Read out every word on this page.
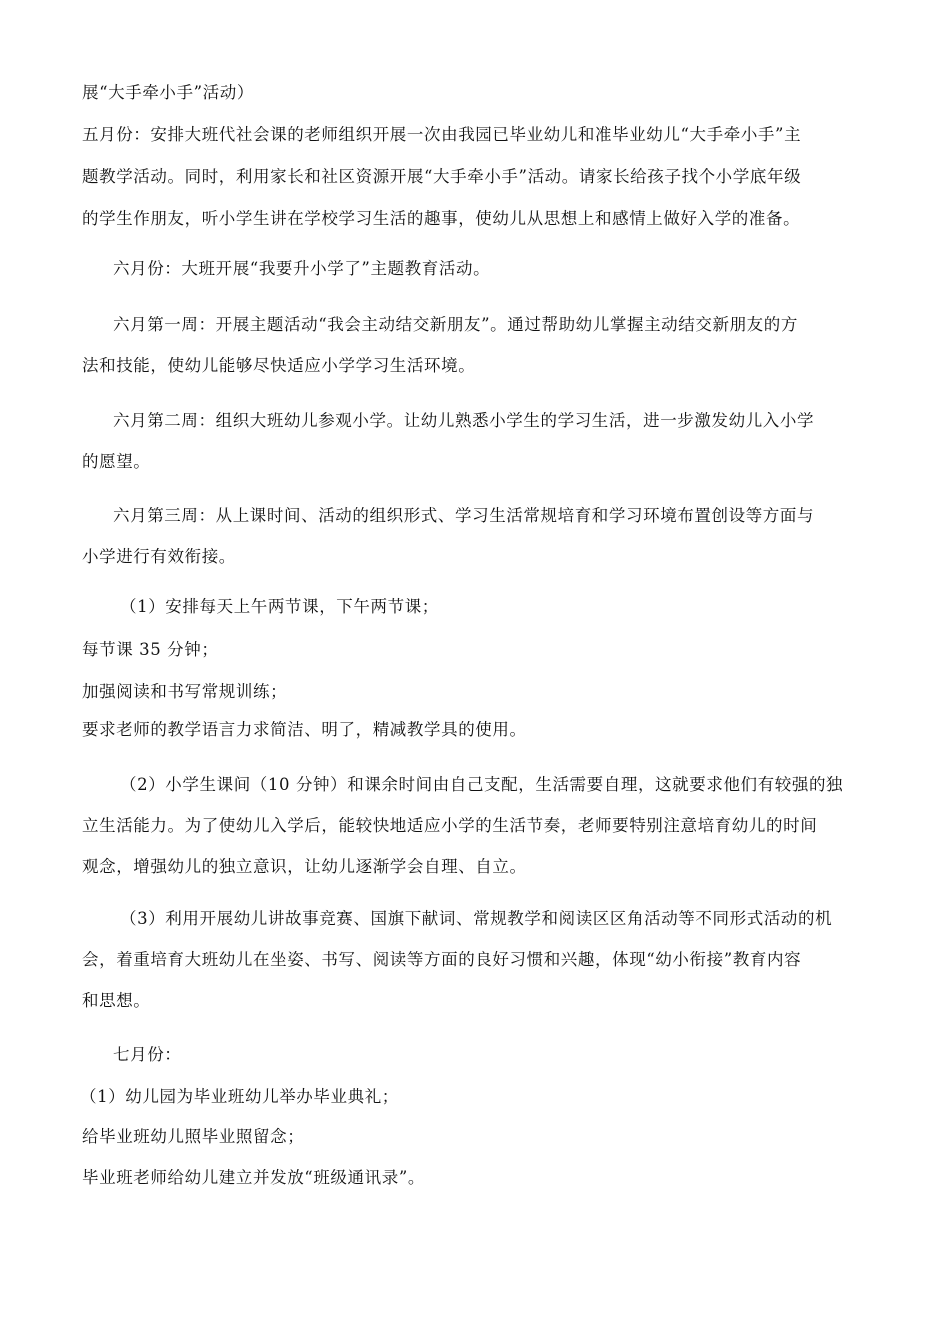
展“大手牵小手”活动）
五月份：安排大班代社会课的老师组织开展一次由我园已毕业幼儿和准毕业幼儿“大手牵小手”主
题教学活动。同时，利用家长和社区资源开展“大手牵小手”活动。请家长给孩子找个小学底年级
的学生作朋友，听小学生讲在学校学习生活的趣事，使幼儿从思想上和感情上做好入学的准备。
六月份：大班开展“我要升小学了”主题教育活动。
六月第一周：开展主题活动“我会主动结交新朋友”。通过帮助幼儿掌握主动结交新朋友的方
法和技能，使幼儿能够尽快适应小学学习生活环境。
六月第二周：组织大班幼儿参观小学。让幼儿熟悉小学生的学习生活，进一步激发幼儿入小学
的愿望。
六月第三周：从上课时间、活动的组织形式、学习生活常规培育和学习环境布置创设等方面与
小学进行有效衔接。
（1）安排每天上午两节课，下午两节课；
每节课 35 分钟；
加强阅读和书写常规训练；
要求老师的教学语言力求简洁、明了，精减教学具的使用。
（2）小学生课间（10 分钟）和课余时间由自己支配，生活需要自理，这就要求他们有较强的独
立生活能力。为了使幼儿入学后，能较快地适应小学的生活节奏，老师要特别注意培育幼儿的时间
观念，增强幼儿的独立意识，让幼儿逐渐学会自理、自立。
（3）利用开展幼儿讲故事竞赛、国旗下献词、常规教学和阅读区区角活动等不同形式活动的机
会，着重培育大班幼儿在坐姿、书写、阅读等方面的良好习惯和兴趣，体现“幼小衔接”教育内容
和思想。
七月份：
（1）幼儿园为毕业班幼儿举办毕业典礼；
给毕业班幼儿照毕业照留念；
毕业班老师给幼儿建立并发放“班级通讯录”。
